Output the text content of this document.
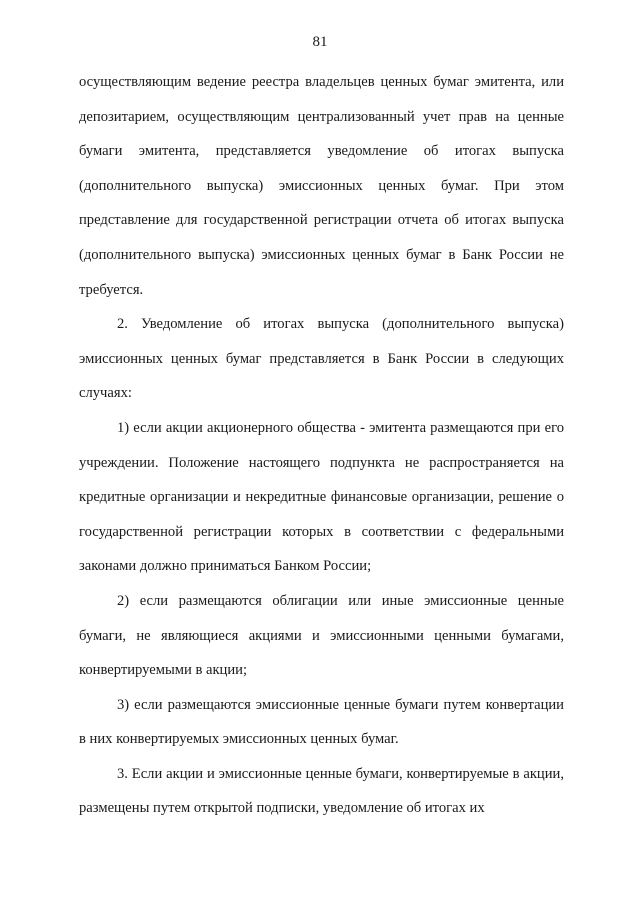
81

осуществляющим ведение реестра владельцев ценных бумаг эмитента, или депозитарием, осуществляющим централизованный учет прав на ценные бумаги эмитента, представляется уведомление об итогах выпуска (дополнительного выпуска) эмиссионных ценных бумаг. При этом представление для государственной регистрации отчета об итогах выпуска (дополнительного выпуска) эмиссионных ценных бумаг в Банк России не требуется.

2. Уведомление об итогах выпуска (дополнительного выпуска) эмиссионных ценных бумаг представляется в Банк России в следующих случаях:

1) если акции акционерного общества - эмитента размещаются при его учреждении. Положение настоящего подпункта не распространяется на кредитные организации и некредитные финансовые организации, решение о государственной регистрации которых в соответствии с федеральными законами должно приниматься Банком России;

2) если размещаются облигации или иные эмиссионные ценные бумаги, не являющиеся акциями и эмиссионными ценными бумагами, конвертируемыми в акции;

3) если размещаются эмиссионные ценные бумаги путем конвертации в них конвертируемых эмиссионных ценных бумаг.

3. Если акции и эмиссионные ценные бумаги, конвертируемые в акции, размещены путем открытой подписки, уведомление об итогах их
